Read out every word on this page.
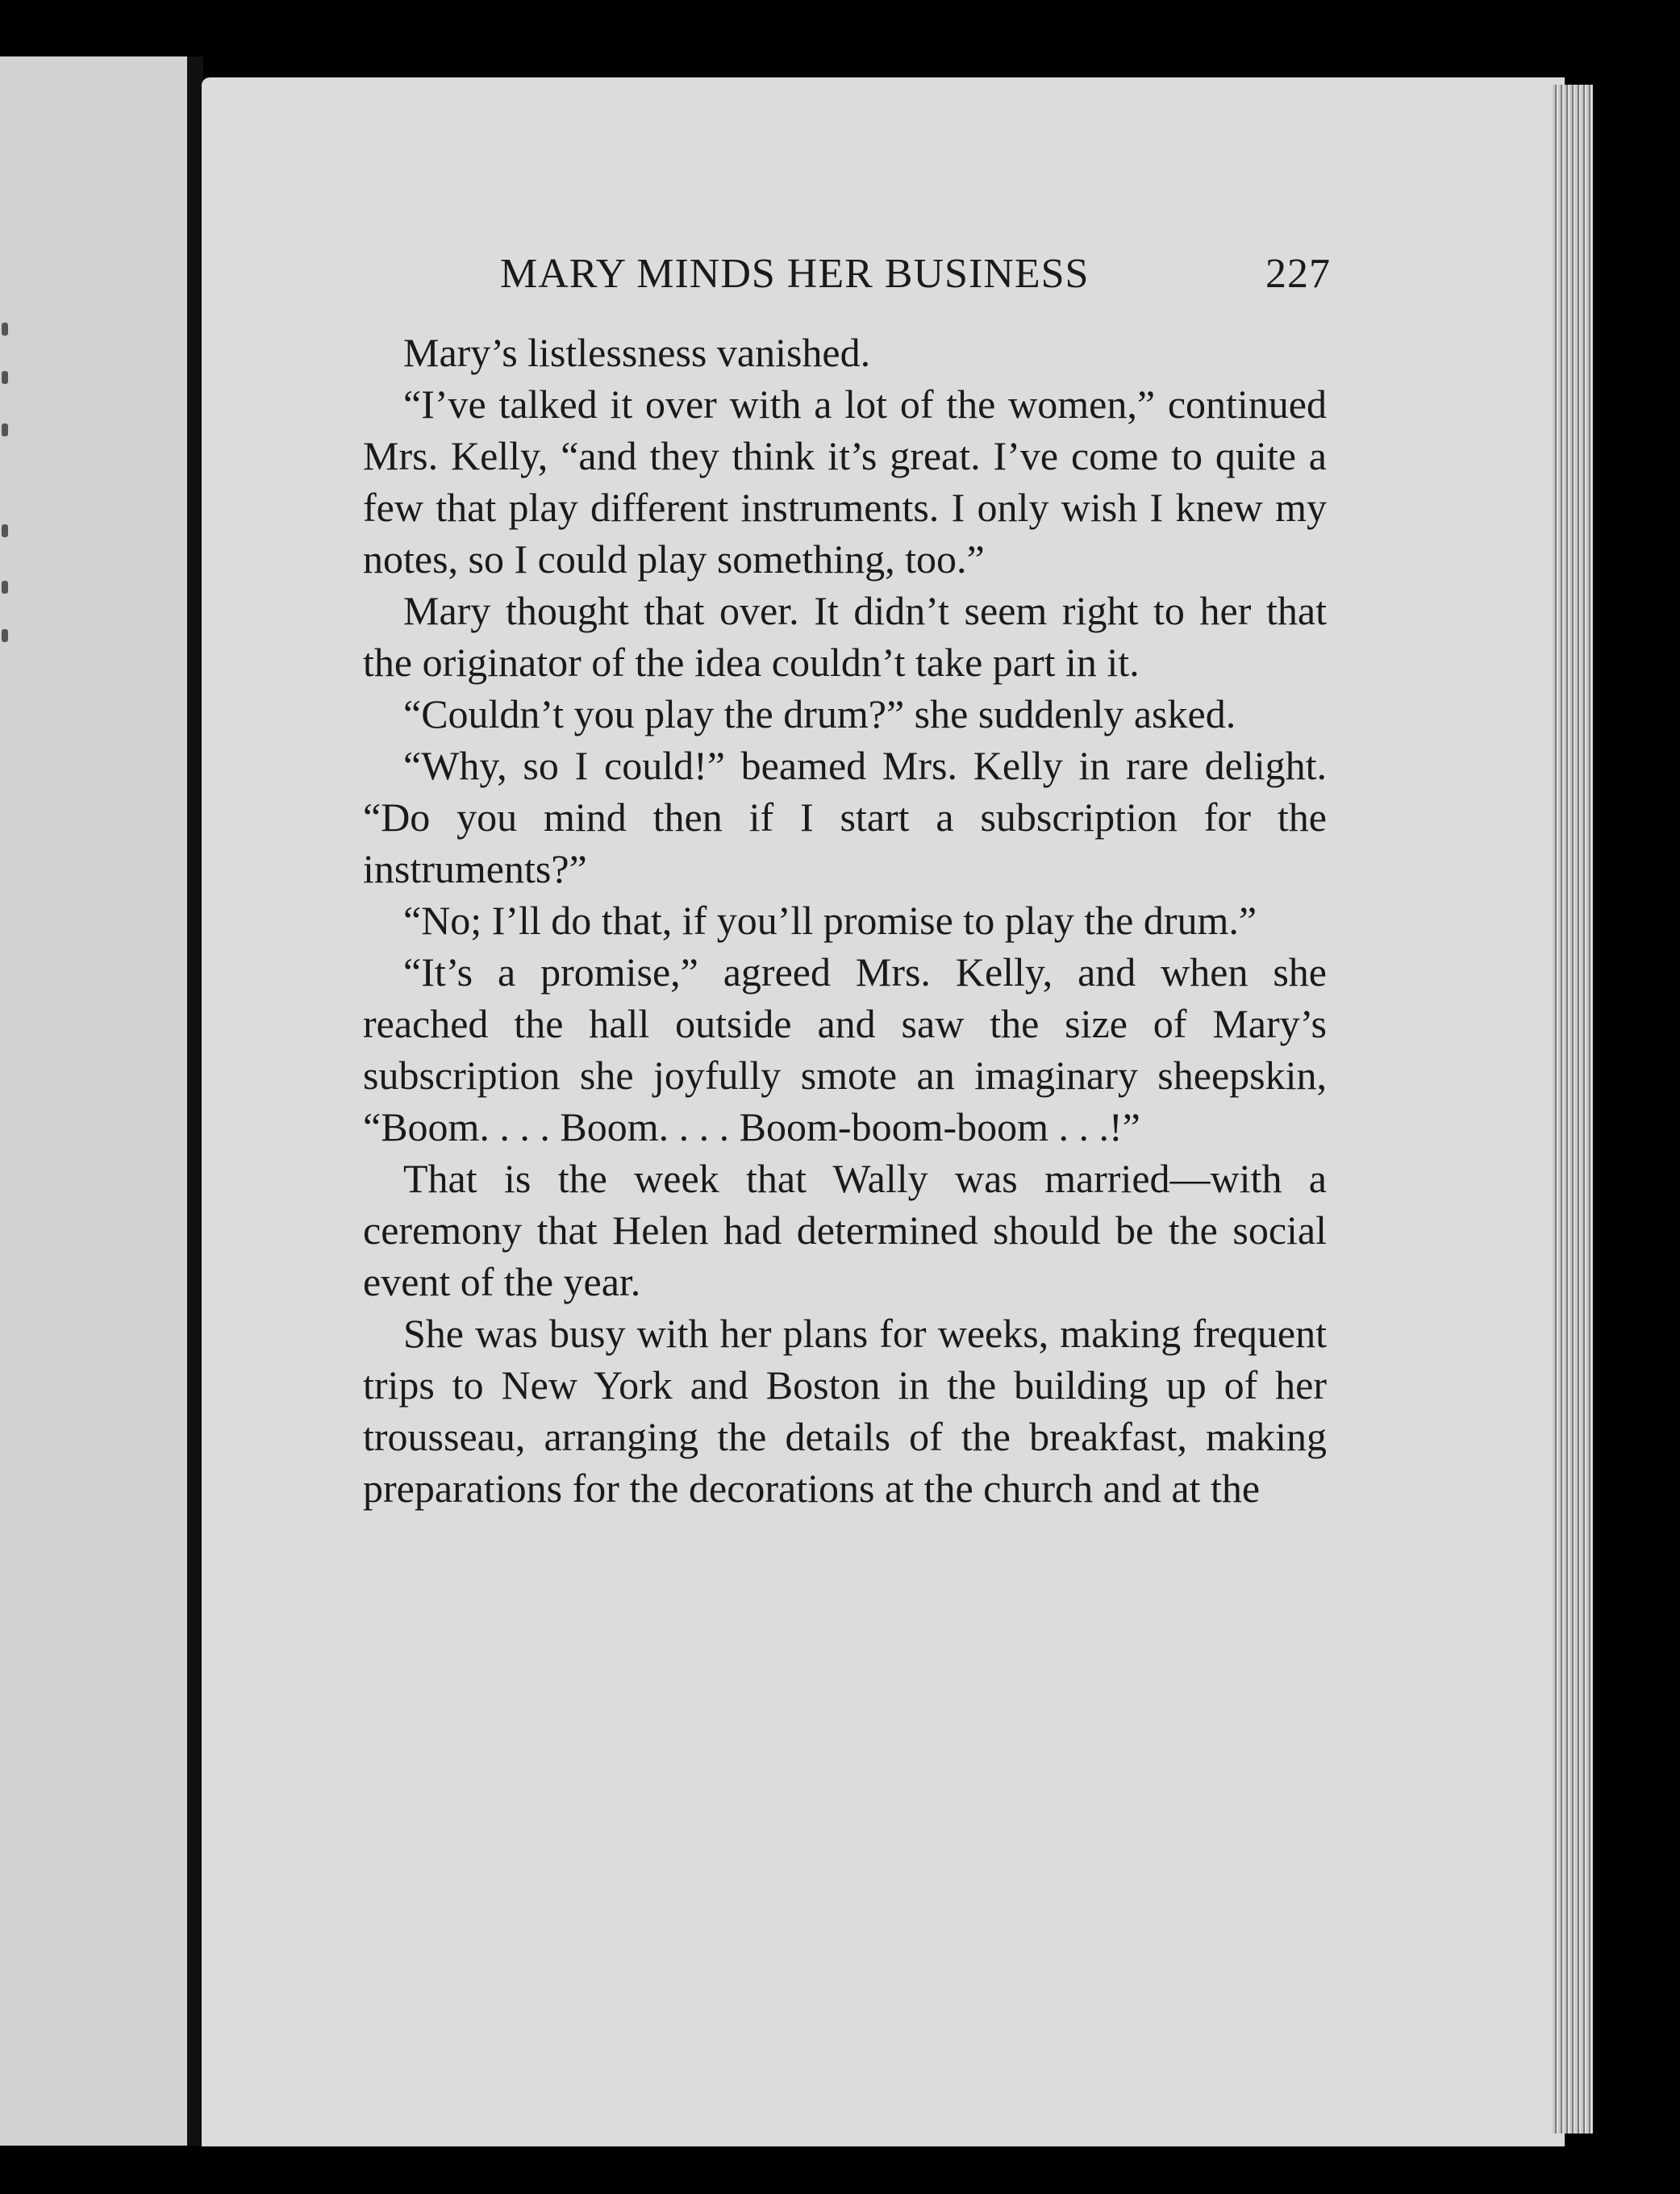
MARY MINDS HER BUSINESS	227

Mary’s listlessness vanished.

“I’ve talked it over with a lot of the women,” continued Mrs. Kelly, “and they think it’s great. I’ve come to quite a few that play different instruments. I only wish I knew my notes, so I could play something, too.”

Mary thought that over. It didn’t seem right to her that the originator of the idea couldn’t take part in it.

“Couldn’t you play the drum?” she suddenly asked.

“Why, so I could!” beamed Mrs. Kelly in rare delight. “Do you mind then if I start a subscription for the instruments?”

“No; I’ll do that, if you’ll promise to play the drum.”

“It’s a promise,” agreed Mrs. Kelly, and when she reached the hall outside and saw the size of Mary’s subscription she joyfully smote an imaginary sheepskin, “Boom. . . . Boom. . . . Boom-boom-boom . . .!”

That is the week that Wally was married—with a ceremony that Helen had determined should be the social event of the year.

She was busy with her plans for weeks, making frequent trips to New York and Boston in the building up of her trousseau, arranging the details of the breakfast, making preparations for the decorations at the church and at the
